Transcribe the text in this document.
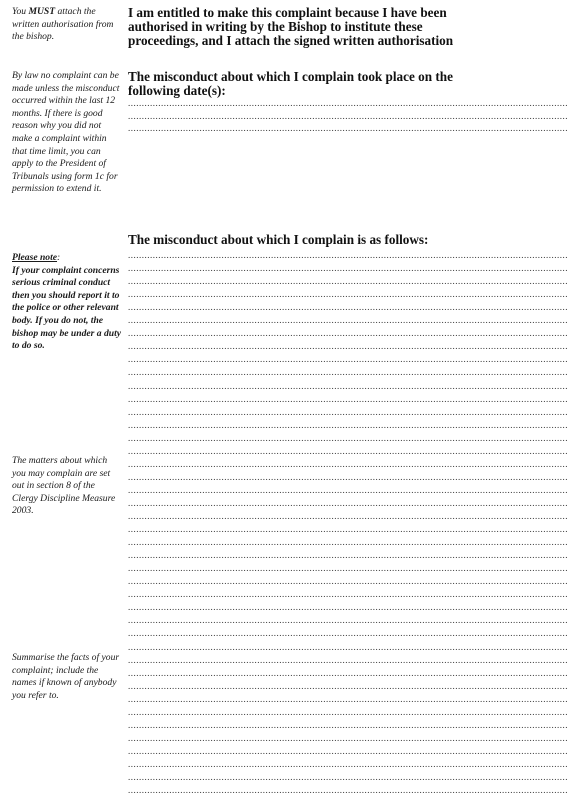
You MUST attach the written authorisation from the bishop.
By law no complaint can be made unless the misconduct occurred within the last 12 months. If there is good reason why you did not make a complaint within that time limit, you can apply to the President of Tribunals using form 1c for permission to extend it.
Please note:
If your complaint concerns serious criminal conduct then you should report it to the police or other relevant body. If you do not, the bishop may be under a duty to do so.
The matters about which you may complain are set out in section 8 of the Clergy Discipline Measure 2003.
Summarise the facts of your complaint; include the names if known of anybody you refer to.
I am entitled to make this complaint because I have been authorised in writing by the Bishop to institute these proceedings, and I attach the signed written authorisation
The misconduct about which I complain took place on the following date(s):
The misconduct about which I complain is as follows:
................................................................................................................................................................
................................................................................................................................................................
................................................................................................................................................................
................................................................................................................................................................
................................................................................................................................................................
................................................................................................................................................................
................................................................................................................................................................
................................................................................................................................................................
................................................................................................................................................................
................................................................................................................................................................
................................................................................................................................................................
................................................................................................................................................................
................................................................................................................................................................
................................................................................................................................................................
................................................................................................................................................................
................................................................................................................................................................
................................................................................................................................................................
................................................................................................................................................................
................................................................................................................................................................
................................................................................................................................................................
................................................................................................................................................................
................................................................................................................................................................
................................................................................................................................................................
................................................................................................................................................................
................................................................................................................................................................
................................................................................................................................................................
................................................................................................................................................................
................................................................................................................................................................
................................................................................................................................................................
................................................................................................................................................................
................................................................................................................................................................
................................................................................................................................................................
................................................................................................................................................................
................................................................................................................................................................
................................................................................................................................................................
................................................................................................................................................................
................................................................................................................................................................
................................................................................................................................................................
................................................................................................................................................................
................................................................................................................................................................
................................................................................................................................................................
................................................................................................................................................................
................................................................................................................................................................
................................................................................................................................................................
................................................................................................................................................................
